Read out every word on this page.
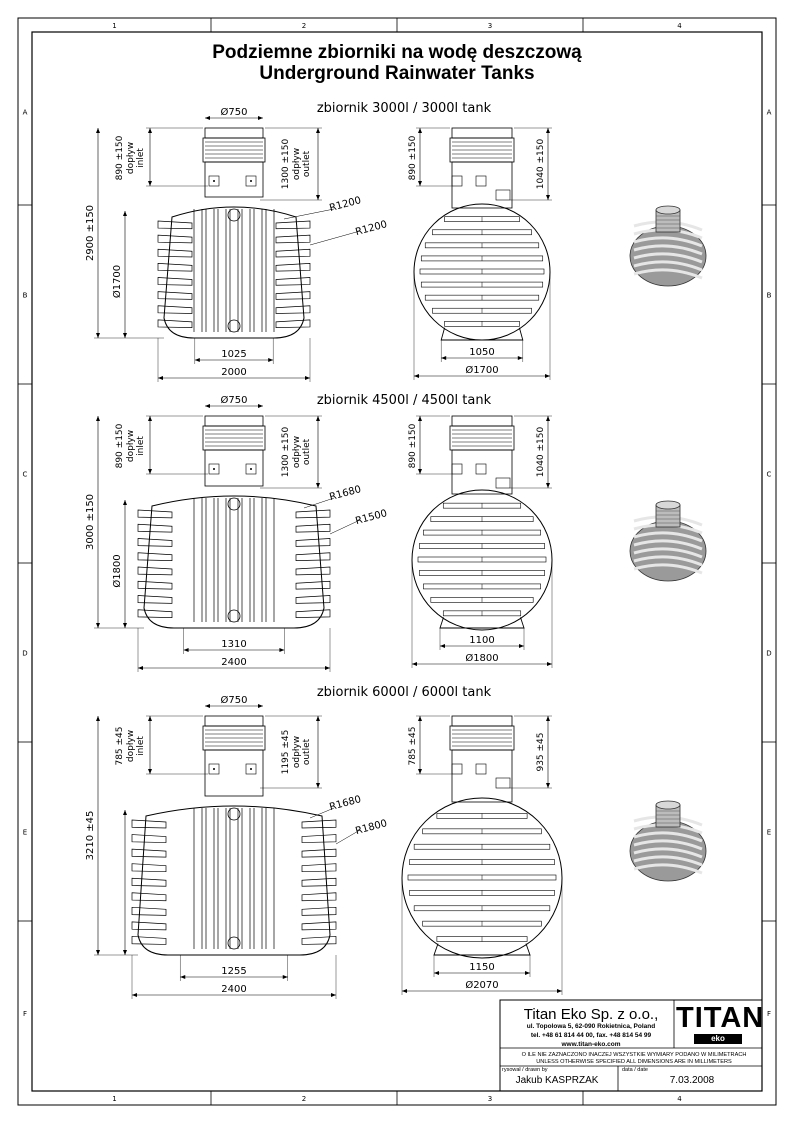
1
1
2
2
3
3
4
4
A	A
B	B
C	C
D	D
E	E
F	F
zbiornik 3000l / 3000l tank
Ø750
890 ±150 dopływ inlet	1300 ±150 odpływ outlet
2900 ±150
Ø1700
R1200
R1200
1025
2000
890 ±150	1040 ±150
1050
Ø1700
zbiornik 4500l / 4500l tank
Ø750
890 ±150 dopływ inlet	1300 ±150 odpływ outlet
3000 ±150
Ø1800
R1680
R1500
1310
2400
890 ±150	1040 ±150
1100
Ø1800
zbiornik 6000l / 6000l tank
Ø750
785 ±45 dopływ inlet	1195 ±45 odpływ outlet
3210 ±45
R1680
R1800
1255
2400
785 ±45	935 ±45
1150
Ø2070
Podziemne zbiorniki na wodę deszczową
Underground Rainwater Tanks
Titan Eko Sp. z o.o.,
ul. Topolowa 5, 62-090 Rokietnica, Poland
tel. +48 61 814 44 00, fax. +48 814 54 99
www.titan-eko.com
TITAN
eko
O ILE NIE ZAZNACZONO INACZEJ WSZYSTKIE WYMIARY PODANO W MILIMETRACH
UNLESS OTHERWISE SPECIFIED ALL DIMENSIONS ARE IN MILLIMETERS
rysował / drawn by
Jakub KASPRZAK
data / date
7.03.2008
